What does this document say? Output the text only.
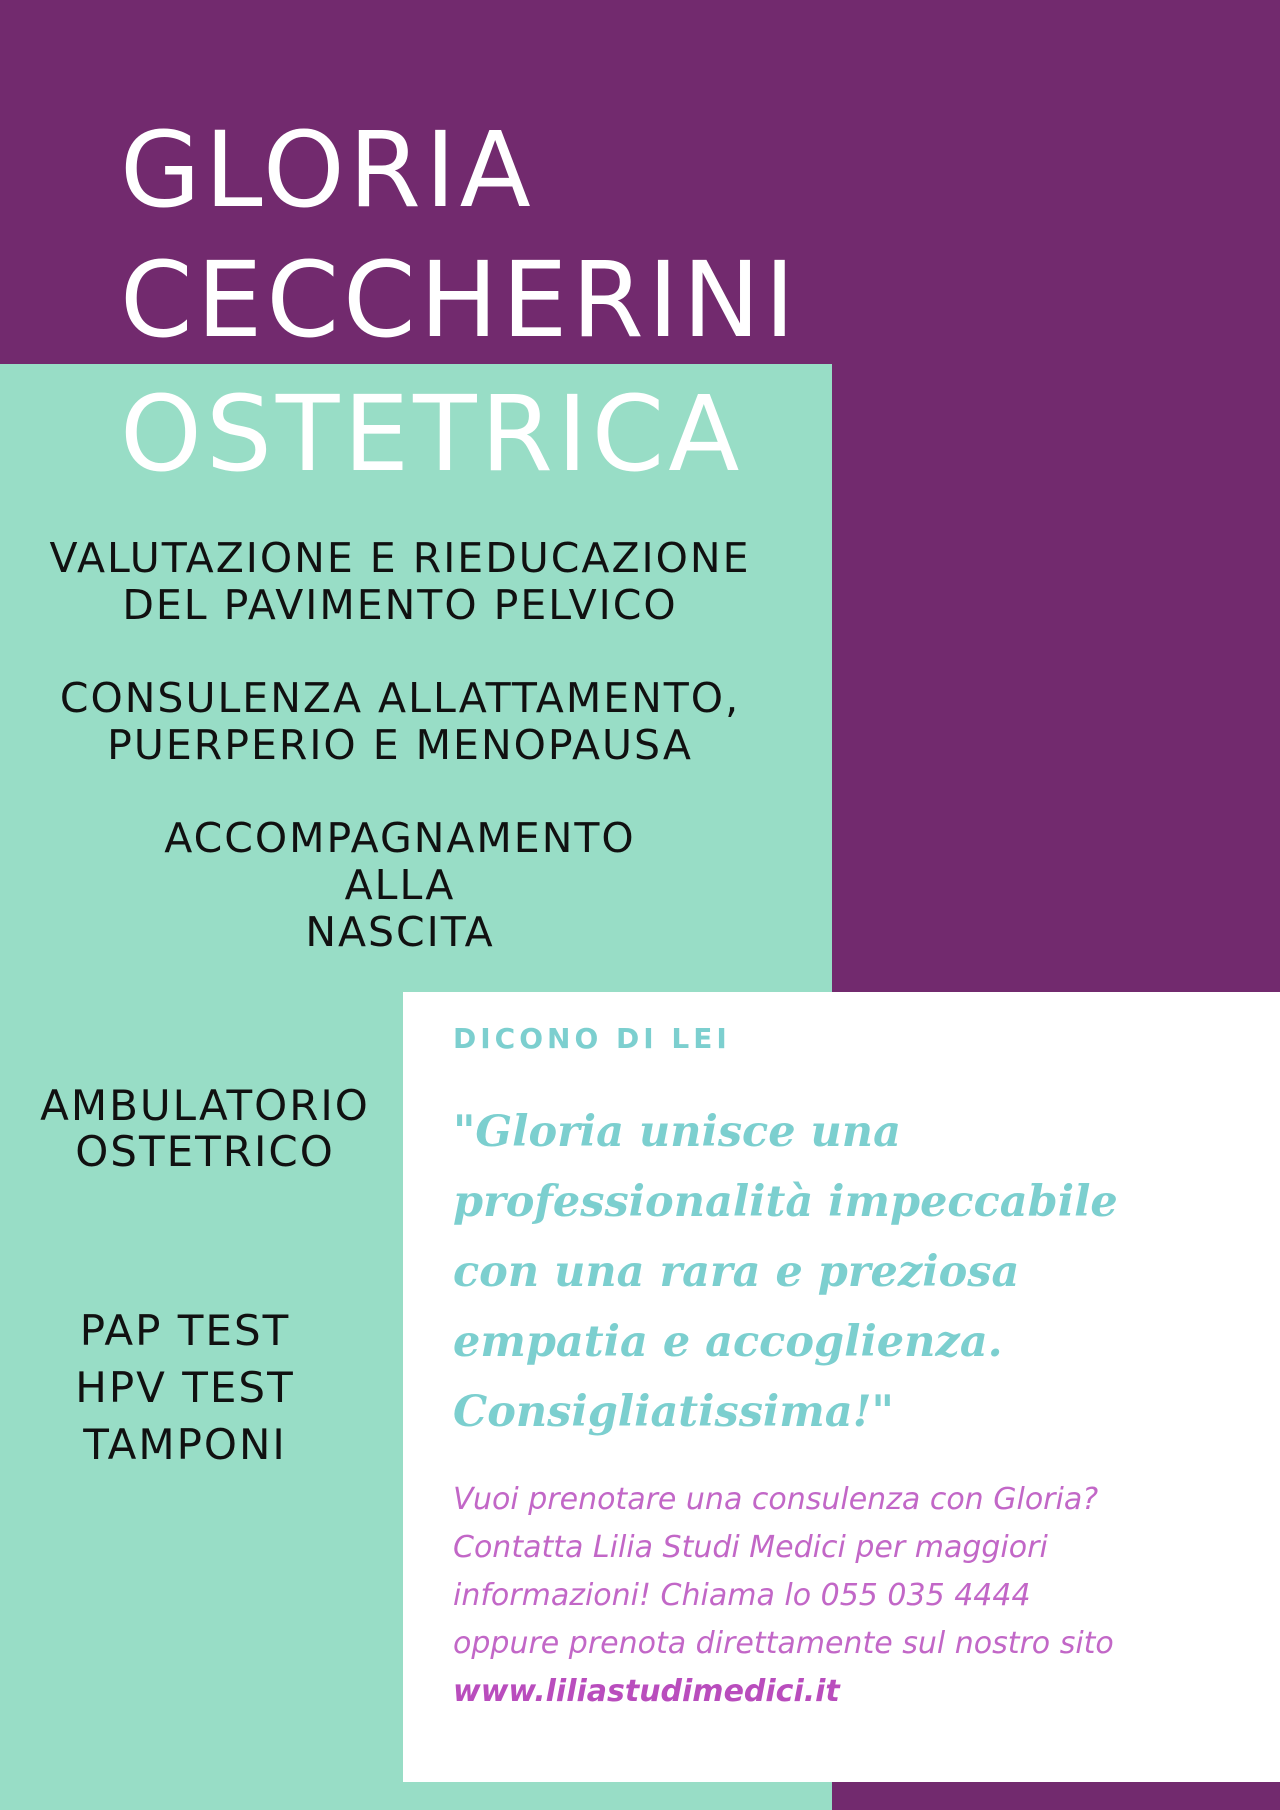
GLORIA
CECCHERINI
OSTETRICA
VALUTAZIONE E RIEDUCAZIONE
DEL PAVIMENTO PELVICO
CONSULENZA ALLATTAMENTO,
PUERPERIO E MENOPAUSA
ACCOMPAGNAMENTO
ALLA
NASCITA
AMBULATORIO
OSTETRICO
PAP TEST
HPV TEST
TAMPONI
DICONO DI LEI
"Gloria unisce una
professionalità impeccabile
con una rara e preziosa
empatia e accoglienza.
Consigliatissima!"
Vuoi prenotare una consulenza con Gloria?
Contatta Lilia Studi Medici per maggiori
informazioni! Chiama lo 055 035 4444
oppure prenota direttamente sul nostro sito
www.liliastudimedici.it
